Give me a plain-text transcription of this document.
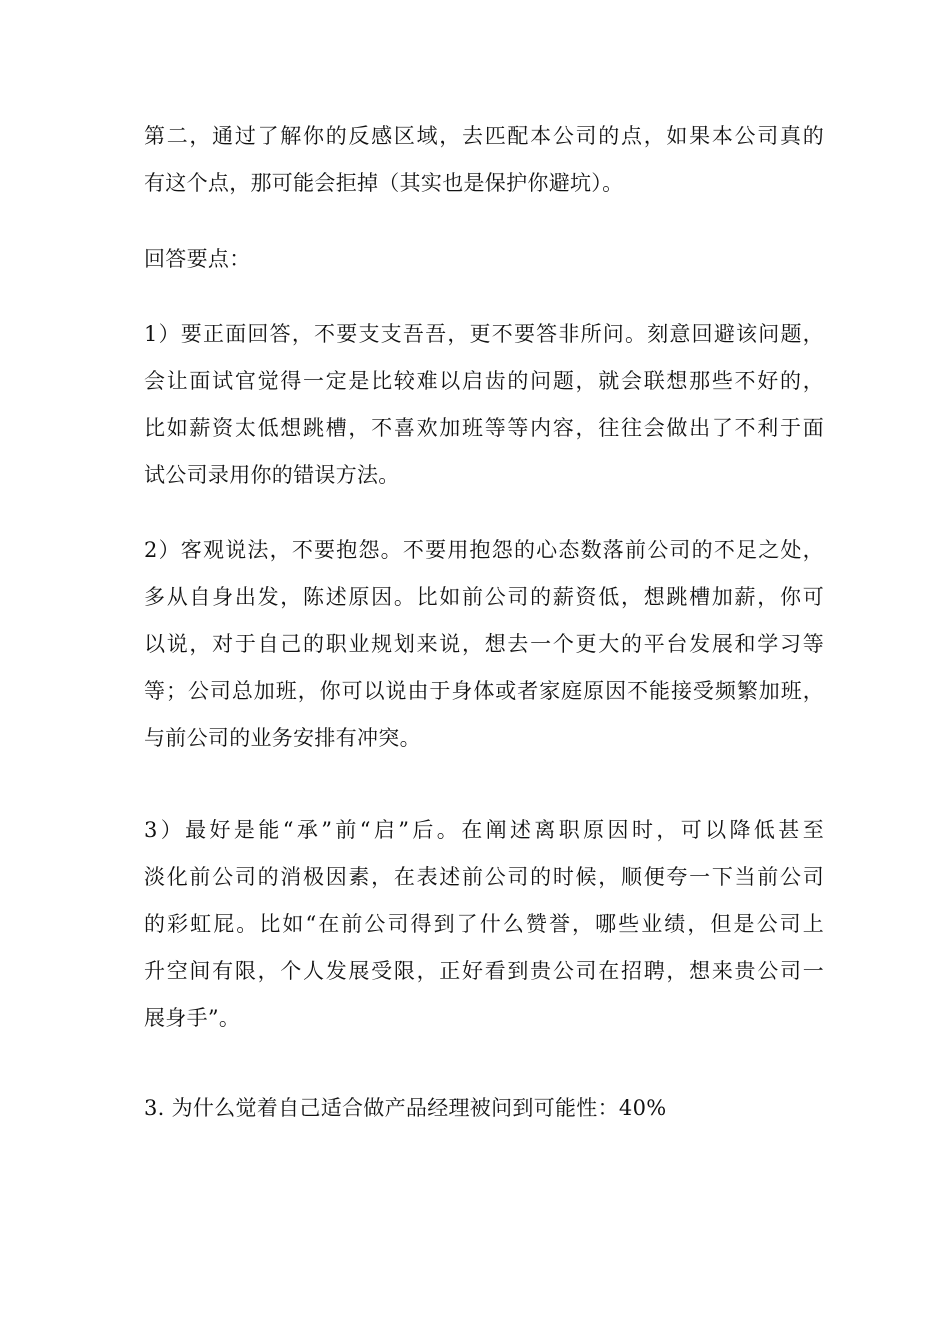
第二，通过了解你的反感区域，去匹配本公司的点，如果本公司真的
有这个点，那可能会拒掉（其实也是保护你避坑）。

回答要点：

1）要正面回答，不要支支吾吾，更不要答非所问。刻意回避该问题，
会让面试官觉得一定是比较难以启齿的问题，就会联想那些不好的，
比如薪资太低想跳槽，不喜欢加班等等内容，往往会做出了不利于面
试公司录用你的错误方法。

2）客观说法，不要抱怨。不要用抱怨的心态数落前公司的不足之处，
多从自身出发，陈述原因。比如前公司的薪资低，想跳槽加薪，你可
以说，对于自己的职业规划来说，想去一个更大的平台发展和学习等
等；公司总加班，你可以说由于身体或者家庭原因不能接受频繁加班，
与前公司的业务安排有冲突。

3）最好是能“承”前“启”后。在阐述离职原因时，可以降低甚至
淡化前公司的消极因素，在表述前公司的时候，顺便夸一下当前公司
的彩虹屁。比如“在前公司得到了什么赞誉，哪些业绩，但是公司上
升空间有限，个人发展受限，正好看到贵公司在招聘，想来贵公司一
展身手”。

3. 为什么觉着自己适合做产品经理被问到可能性：40%
